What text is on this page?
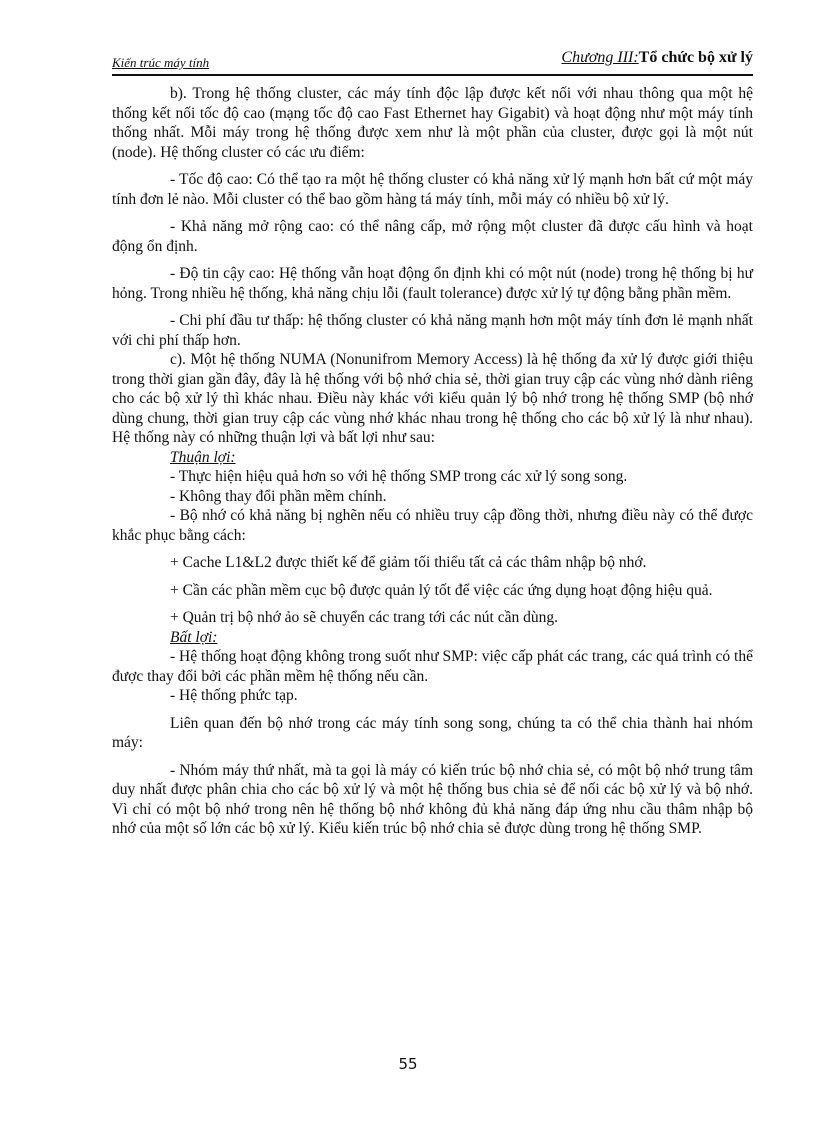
Kiến trúc máy tính	Chương III:Tổ chức bộ xử lý

b). Trong hệ thống cluster, các máy tính độc lập được kết nối với nhau thông qua một hệ thống kết nối tốc độ cao (mạng tốc độ cao Fast Ethernet hay Gigabit) và hoạt động như một máy tính thống nhất. Mỗi máy trong hệ thống được xem như là một phần của cluster, được gọi là một nút (node). Hệ thống cluster có các ưu điểm:

- Tốc độ cao: Có thể tạo ra một hệ thống cluster có khả năng xử lý mạnh hơn bất cứ một máy tính đơn lẻ nào. Mỗi cluster có thể bao gồm hàng tá máy tính, mỗi máy có nhiều bộ xử lý.

- Khả năng mở rộng cao: có thể nâng cấp, mở rộng một cluster đã được cấu hình và hoạt động ổn định.

- Độ tin cậy cao: Hệ thống vẫn hoạt động ổn định khi có một nút (node) trong hệ thống bị hư hỏng. Trong nhiều hệ thống, khả năng chịu lỗi (fault tolerance) được xử lý tự động bằng phần mềm.

- Chi phí đầu tư thấp: hệ thống cluster có khả năng mạnh hơn một máy tính đơn lẻ mạnh nhất với chi phí thấp hơn.

c). Một hệ thống NUMA (Nonunifrom Memory Access) là hệ thống đa xử lý được giới thiệu trong thời gian gần đây, đây là hệ thống với bộ nhớ chia sẻ, thời gian truy cập các vùng nhớ dành riêng cho các bộ xử lý thì khác nhau. Điều này khác với kiểu quản lý bộ nhớ trong hệ thống SMP (bộ nhớ dùng chung, thời gian truy cập các vùng nhớ khác nhau trong hệ thống cho các bộ xử lý là như nhau). Hệ thống này có những thuận lợi và bất lợi như sau:

Thuận lợi:

- Thực hiện hiệu quả hơn so với hệ thống SMP trong các xử lý song song.

- Không thay đổi phần mềm chính.

- Bộ nhớ có khả năng bị nghẽn nếu có nhiều truy cập đồng thời, nhưng điều này có thể được khắc phục bằng cách:

+ Cache L1&L2 được thiết kế để giảm tối thiểu tất cả các thâm nhập bộ nhớ.

+ Cần các phần mềm cục bộ được quản lý tốt để việc các ứng dụng hoạt động hiệu quả.

+ Quản trị bộ nhớ ảo sẽ chuyển các trang tới các nút cần dùng.

Bất lợi:

- Hệ thống hoạt động không trong suốt như SMP: việc cấp phát các trang, các quá trình có thể được thay đổi bởi các phần mềm hệ thống nếu cần.

- Hệ thống phức tạp.

Liên quan đến bộ nhớ trong các máy tính song song, chúng ta có thể chia thành hai nhóm máy:

- Nhóm máy thứ nhất, mà ta gọi là máy có kiến trúc bộ nhớ chia sẻ, có một bộ nhớ trung tâm duy nhất được phân chia cho các bộ xử lý và một hệ thống bus chia sẻ để nối các bộ xử lý và bộ nhớ. Vì chỉ có một bộ nhớ trong nên hệ thống bộ nhớ không đủ khả năng đáp ứng nhu cầu thâm nhập bộ nhớ của một số lớn các bộ xử lý. Kiểu kiến trúc bộ nhớ chia sẻ được dùng trong hệ thống SMP.

55
